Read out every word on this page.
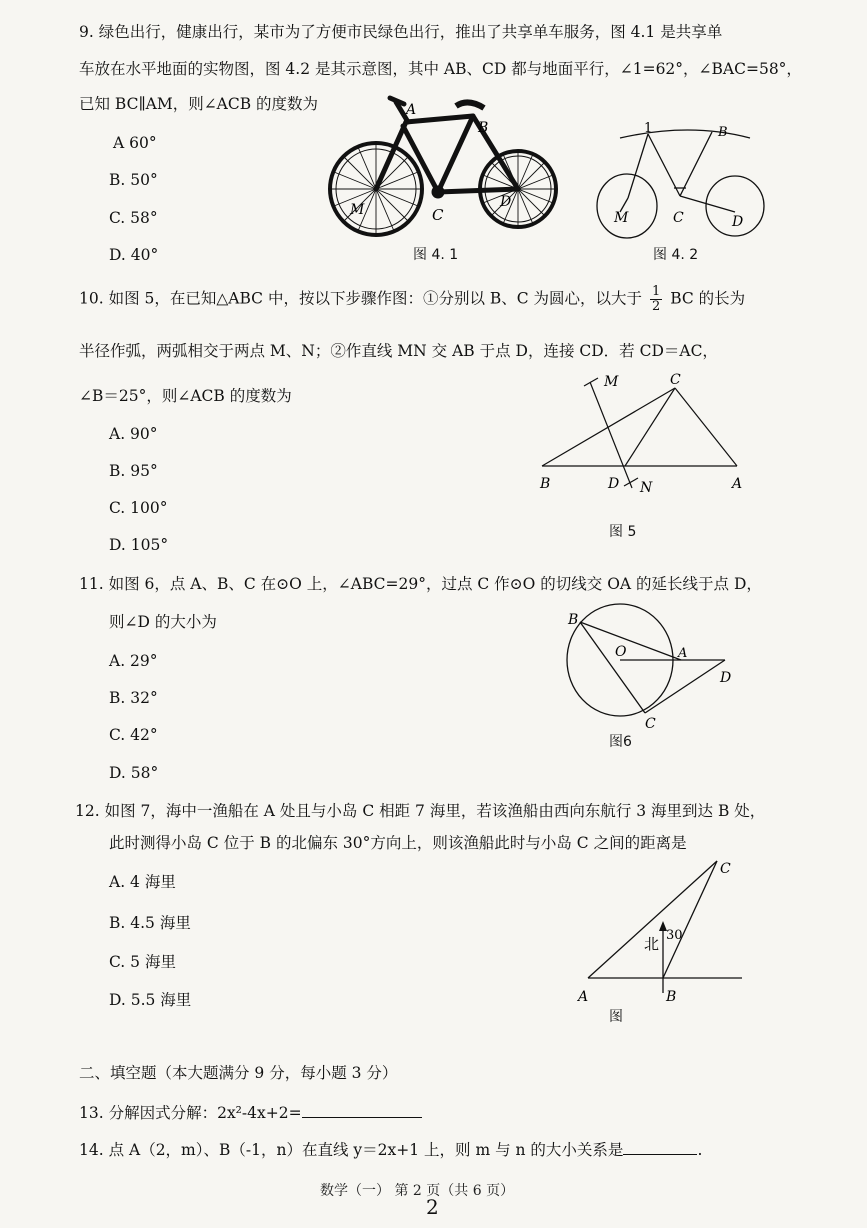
9. 绿色出行，健康出行，某市为了方便市民绿色出行，推出了共享单车服务，图 4.1 是共享单
车放在水平地面的实物图，图 4.2 是其示意图，其中 AB、CD 都与地面平行，∠1=62°，∠BAC=58°，
已知 BC∥AM，则∠ACB 的度数为
A 60°
B. 50°
C. 58°
D. 40°
A
B
M	C
D
图 4. 1
1	B
M	C	D
图 4. 2
10. 如图 5，在已知△ABC 中，按以下步骤作图：①分别以 B、C 为圆心，以大于 $\frac{1}{2}$ BC 的长为
半径作弧，两弧相交于两点 M、N；②作直线 MN 交 AB 于点 D，连接 CD．若 CD＝AC，
∠B＝25°，则∠ACB 的度数为
A. 90°
B. 95°
C. 100°
D. 105°
M	C
B	D N	A
图 5
11. 如图 6，点 A、B、C 在⊙O 上，∠ABC=29°，过点 C 作⊙O 的切线交 OA 的延长线于点 D，
则∠D 的大小为
A. 29°
B. 32°
C. 42°
D. 58°
B
O	A
D
C
图6
12. 如图 7，海中一渔船在 A 处且与小岛 C 相距 7 海里，若该渔船由西向东航行 3 海里到达 B 处，
此时测得小岛 C 位于 B 的北偏东 30°方向上，则该渔船此时与小岛 C 之间的距离是
A. 4 海里
B. 4.5 海里
C. 5 海里
D. 5.5 海里
C
北 30
A	B
图
二、填空题（本大题满分 9 分，每小题 3 分）
13. 分解因式分解：2x²-4x+2=
14. 点 A（2，m）、B（-1，n）在直线 y＝2x+1 上，则 m 与 n 的大小关系是	.
数学（一） 第 2 页（共 6 页）
2
